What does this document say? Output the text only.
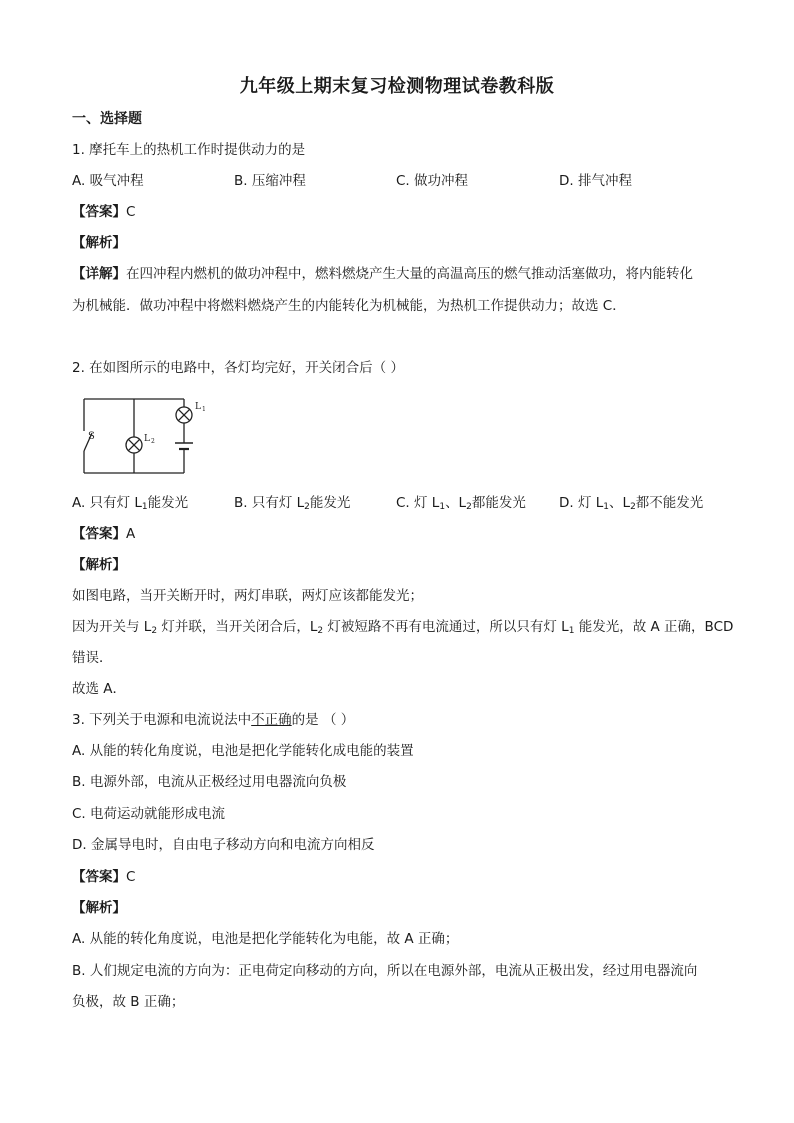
九年级上期末复习检测物理试卷教科版
一、选择题
1. 摩托车上的热机工作时提供动力的是
A. 吸气冲程	B. 压缩冲程	C. 做功冲程	D. 排气冲程
【答案】C
【解析】
【详解】在四冲程内燃机的做功冲程中，燃料燃烧产生大量的高温高压的燃气推动活塞做功，将内能转化
为机械能．做功冲程中将燃料燃烧产生的内能转化为机械能，为热机工作提供动力；故选 C．
2. 在如图所示的电路中，各灯均完好，开关闭合后（ ）
S	L 2
L 1
A. 只有灯 $L_1$能发光	B. 只有灯 $L_2$能发光	C. 灯 $L_1$、$L_2$都能发光 D. 灯 $L_1$、$L_2$都不能发光
【答案】A
【解析】
如图电路，当开关断开时，两灯串联，两灯应该都能发光；
因为开关与 $L_2$ 灯并联，当开关闭合后，$L_2$ 灯被短路不再有电流通过，所以只有灯 $L_1$ 能发光，故 A 正确，BCD
错误．
故选 A．
3. 下列关于电源和电流说法中不正确的是 （ ）
A. 从能的转化角度说，电池是把化学能转化成电能的装置
B. 电源外部，电流从正极经过用电器流向负极
C. 电荷运动就能形成电流
D. 金属导电时，自由电子移动方向和电流方向相反
【答案】C
【解析】
A. 从能的转化角度说，电池是把化学能转化为电能，故 A 正确；
B. 人们规定电流的方向为：正电荷定向移动的方向，所以在电源外部，电流从正极出发，经过用电器流向
负极，故 B 正确；
